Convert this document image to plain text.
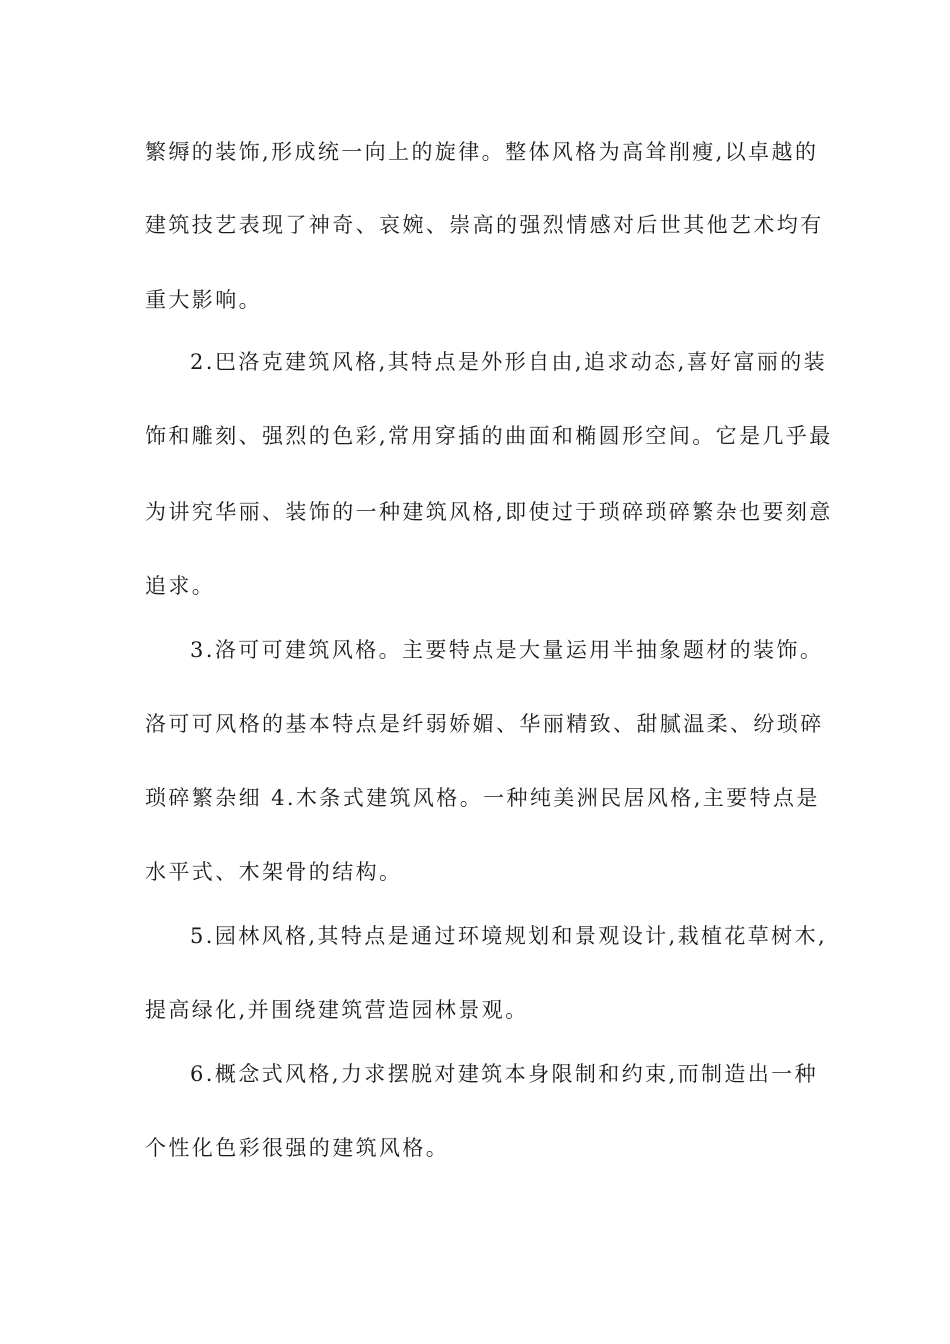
繁缛的装饰,形成统一向上的旋律。整体风格为高耸削瘦,以卓越的
建筑技艺表现了神奇、哀婉、崇高的强烈情感对后世其他艺术均有
重大影响。
2.巴洛克建筑风格,其特点是外形自由,追求动态,喜好富丽的装
饰和雕刻、强烈的色彩,常用穿插的曲面和椭圆形空间。它是几乎最
为讲究华丽、装饰的一种建筑风格,即使过于琐碎琐碎繁杂也要刻意
追求。
3.洛可可建筑风格。主要特点是大量运用半抽象题材的装饰。
洛可可风格的基本特点是纤弱娇媚、华丽精致、甜腻温柔、纷琐碎
琐碎繁杂细 4.木条式建筑风格。一种纯美洲民居风格,主要特点是
水平式、木架骨的结构。
5.园林风格,其特点是通过环境规划和景观设计,栽植花草树木,
提高绿化,并围绕建筑营造园林景观。
6.概念式风格,力求摆脱对建筑本身限制和约束,而制造出一种
个性化色彩很强的建筑风格。
